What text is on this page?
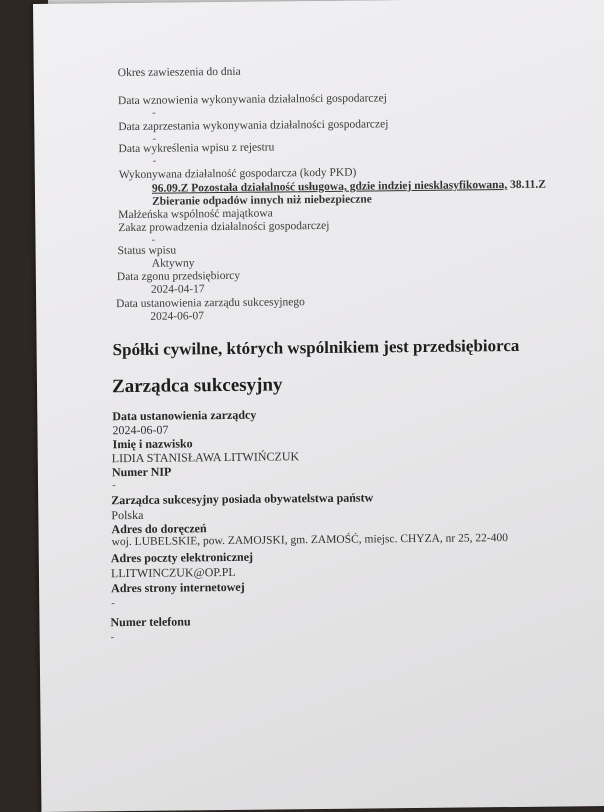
Okres zawieszenia do dnia
Data wznowienia wykonywania działalności gospodarczej
-
Data zaprzestania wykonywania działalności gospodarczej
-
Data wykreślenia wpisu z rejestru
-
Wykonywana działalność gospodarcza (kody PKD)
96.09.Z Pozostała działalność usługowa, gdzie indziej niesklasyfikowana, 38.11.Z
Zbieranie odpadów innych niż niebezpieczne
Małżeńska wspólność majątkowa
Zakaz prowadzenia działalności gospodarczej
-
Status wpisu
Aktywny
Data zgonu przedsiębiorcy
2024-04-17
Data ustanowienia zarządu sukcesyjnego
2024-06-07
Spółki cywilne, których wspólnikiem jest przedsiębiorca
Zarządca sukcesyjny
Data ustanowienia zarządcy
2024-06-07
Imię i nazwisko
LIDIA STANISŁAWA LITWIŃCZUK
Numer NIP
-
Zarządca sukcesyjny posiada obywatelstwa państw
Polska
Adres do doręczeń
woj. LUBELSKIE, pow. ZAMOJSKI, gm. ZAMOŚĆ, miejsc. CHYZA, nr 25, 22-400
Adres poczty elektronicznej
LLITWINCZUK@OP.PL
Adres strony internetowej
-
Numer telefonu
-
